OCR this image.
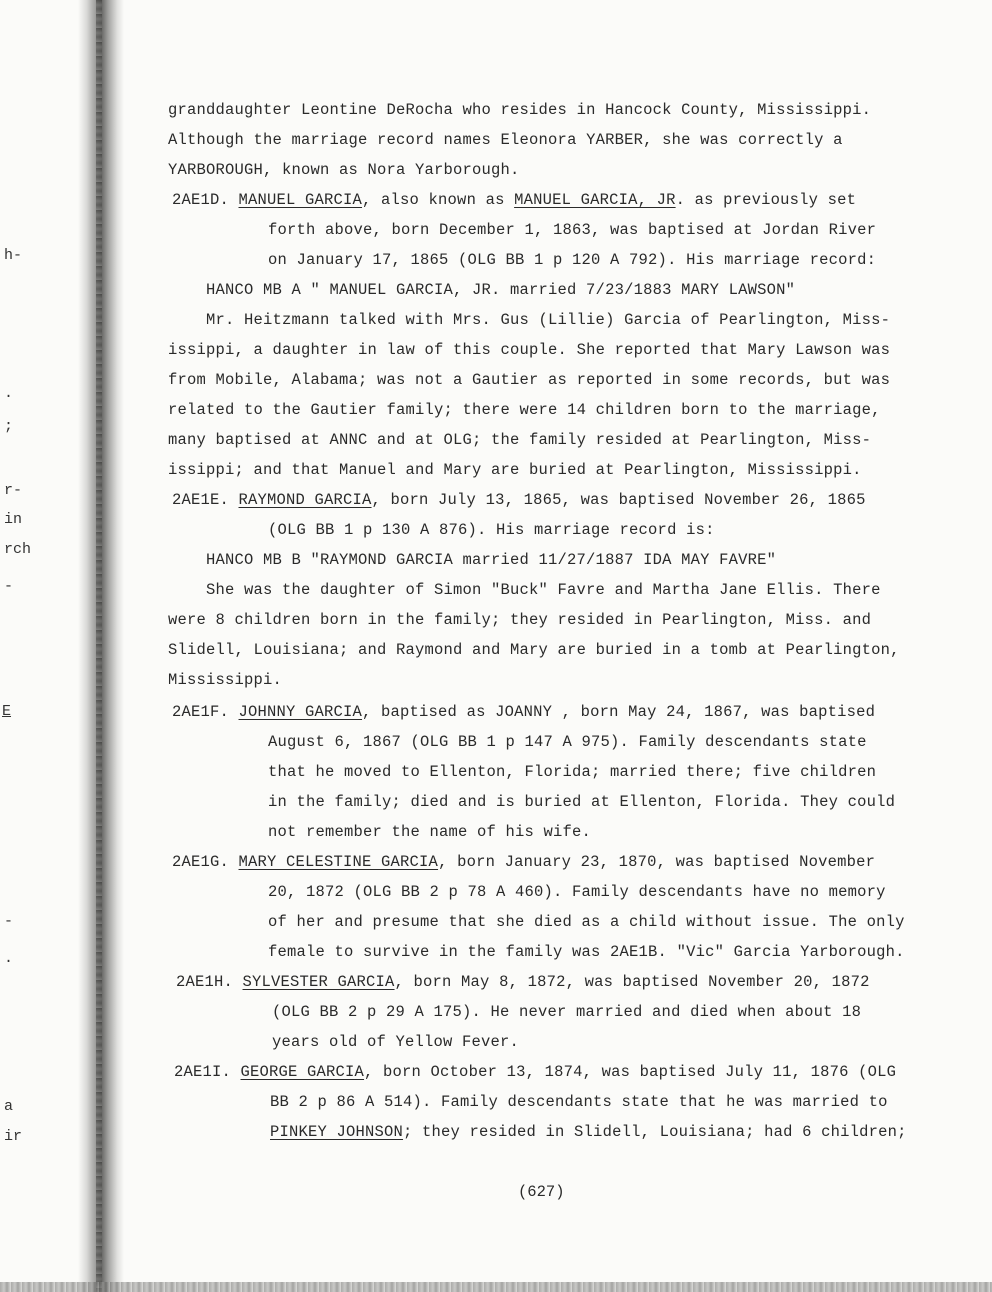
h-
.
;
r-
in
rch
-
E
-
.
a
ir
granddaughter Leontine DeRocha who resides in Hancock County, Mississippi.
Although the marriage record names Eleonora YARBER, she was correctly a
YARBOROUGH, known as Nora Yarborough.
2AE1D. MANUEL GARCIA, also known as MANUEL GARCIA, JR. as previously set
forth above, born December 1, 1863, was baptised at Jordan River
on January 17, 1865 (OLG BB 1 p 120 A 792). His marriage record:
HANCO MB A " MANUEL GARCIA, JR. married 7/23/1883 MARY LAWSON"
Mr. Heitzmann talked with Mrs. Gus (Lillie) Garcia of Pearlington, Miss-
issippi, a daughter in law of this couple. She reported that Mary Lawson was
from Mobile, Alabama; was not a Gautier as reported in some records, but was
related to the Gautier family; there were 14 children born to the marriage,
many baptised at ANNC and at OLG; the family resided at Pearlington, Miss-
issippi; and that Manuel and Mary are buried at Pearlington, Mississippi.
2AE1E. RAYMOND GARCIA, born July 13, 1865, was baptised November 26, 1865
(OLG BB 1 p 130 A 876). His marriage record is:
HANCO MB B "RAYMOND GARCIA married 11/27/1887 IDA MAY FAVRE"
She was the daughter of Simon "Buck" Favre and Martha Jane Ellis. There
were 8 children born in the family; they resided in Pearlington, Miss. and
Slidell, Louisiana; and Raymond and Mary are buried in a tomb at Pearlington,
Mississippi.
2AE1F. JOHNNY GARCIA, baptised as JOANNY , born May 24, 1867, was baptised
August 6, 1867 (OLG BB 1 p 147 A 975). Family descendants state
that he moved to Ellenton, Florida; married there; five children
in the family; died and is buried at Ellenton, Florida. They could
not remember the name of his wife.
2AE1G. MARY CELESTINE GARCIA, born January 23, 1870, was baptised November
20, 1872 (OLG BB 2 p 78 A 460). Family descendants have no memory
of her and presume that she died as a child without issue. The only
female to survive in the family was 2AE1B. "Vic" Garcia Yarborough.
2AE1H. SYLVESTER GARCIA, born May 8, 1872, was baptised November 20, 1872
(OLG BB 2 p 29 A 175). He never married and died when about 18
years old of Yellow Fever.
2AE1I. GEORGE GARCIA, born October 13, 1874, was baptised July 11, 1876 (OLG
BB 2 p 86 A 514). Family descendants state that he was married to
PINKEY JOHNSON; they resided in Slidell, Louisiana; had 6 children;
(627)
